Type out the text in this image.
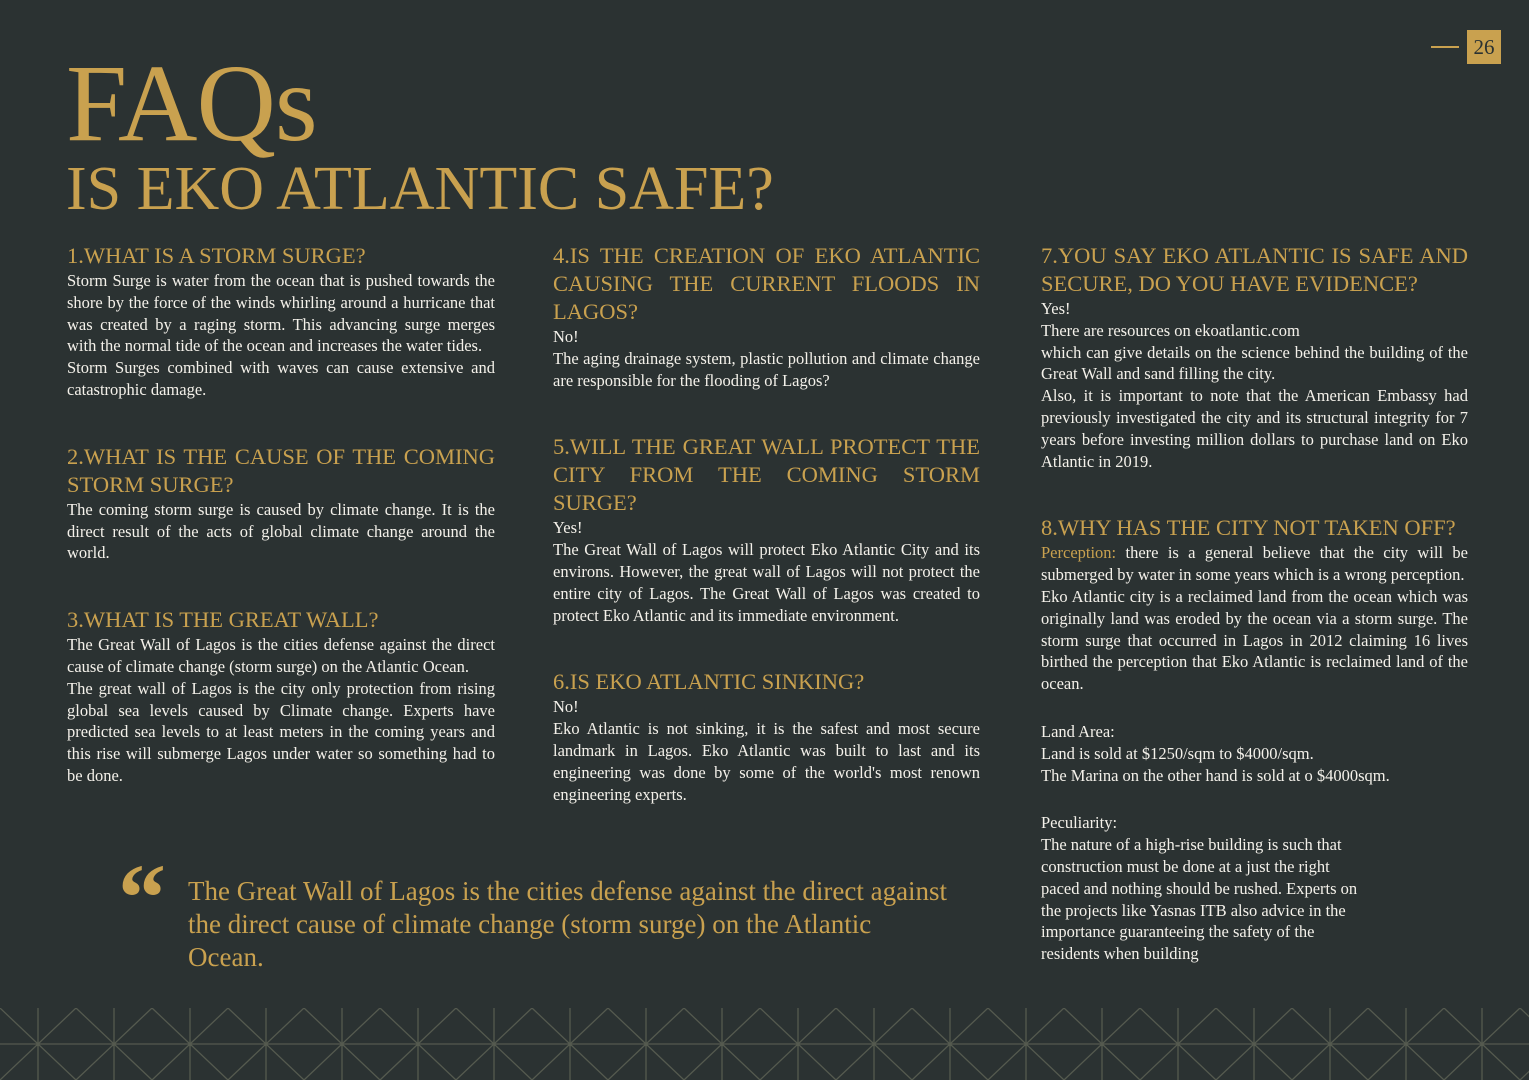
26
FAQs
IS EKO ATLANTIC SAFE?
1.WHAT IS A STORM SURGE?

Storm Surge is water from the ocean that is pushed towards the shore by the force of the winds whirling around a hurricane that was created by a raging storm. This advancing surge merges with the normal tide of the ocean and increases the water tides.

Storm Surges combined with waves can cause extensive and catastrophic damage.

2.WHAT IS THE CAUSE OF THE COMING STORM SURGE?

The coming storm surge is caused by climate change. It is the direct result of the acts of global climate change around the world.

3.WHAT IS THE GREAT WALL?

The Great Wall of Lagos is the cities defense against the direct cause of climate change (storm surge) on the Atlantic Ocean.

The great wall of Lagos is the city only protection from rising global sea levels caused by Climate change. Experts have predicted sea levels to at least meters in the coming years and this rise will submerge Lagos under water so something had to be done.

4.IS THE CREATION OF EKO ATLANTIC CAUSING THE CURRENT FLOODS IN LAGOS?

No!

The aging drainage system, plastic pollution and climate change are responsible for the flooding of Lagos?

5.WILL THE GREAT WALL PROTECT THE CITY FROM THE COMING STORM SURGE?

Yes!

The Great Wall of Lagos will protect Eko Atlantic City and its environs. However, the great wall of Lagos will not protect the entire city of Lagos. The Great Wall of Lagos was created to protect Eko Atlantic and its immediate environment.

6.IS EKO ATLANTIC SINKING?

No!

Eko Atlantic is not sinking, it is the safest and most secure landmark in Lagos. Eko Atlantic was built to last and its engineering was done by some of the world's most renown engineering experts.

7.YOU SAY EKO ATLANTIC IS SAFE AND SECURE, DO YOU HAVE EVIDENCE?

Yes!

There are resources on ekoatlantic.com

which can give details on the science behind the building of the Great Wall and sand filling the city.

Also, it is important to note that the American Embassy had previously investigated the city and its structural integrity for 7 years before investing million dollars to purchase land on Eko Atlantic in 2019.

8.WHY HAS THE CITY NOT TAKEN OFF?

Perception: there is a general believe that the city will be submerged by water in some years which is a wrong perception.

Eko Atlantic city is a reclaimed land from the ocean which was originally land was eroded by the ocean via a storm surge. The storm surge that occurred in Lagos in 2012 claiming 16 lives birthed the perception that Eko Atlantic is reclaimed land of the ocean.

Land Area:

Land is sold at $1250/sqm to $4000/sqm.

The Marina on the other hand is sold at o $4000sqm.

Peculiarity:

The nature of a high-rise building is such that

construction must be done at a just the right

paced and nothing should be rushed. Experts on

the projects like Yasnas ITB also advice in the

importance guaranteeing the safety of the

residents when building

“ The Great Wall of Lagos is the cities defense against the direct against the direct cause of climate change (storm surge) on the Atlantic Ocean.
